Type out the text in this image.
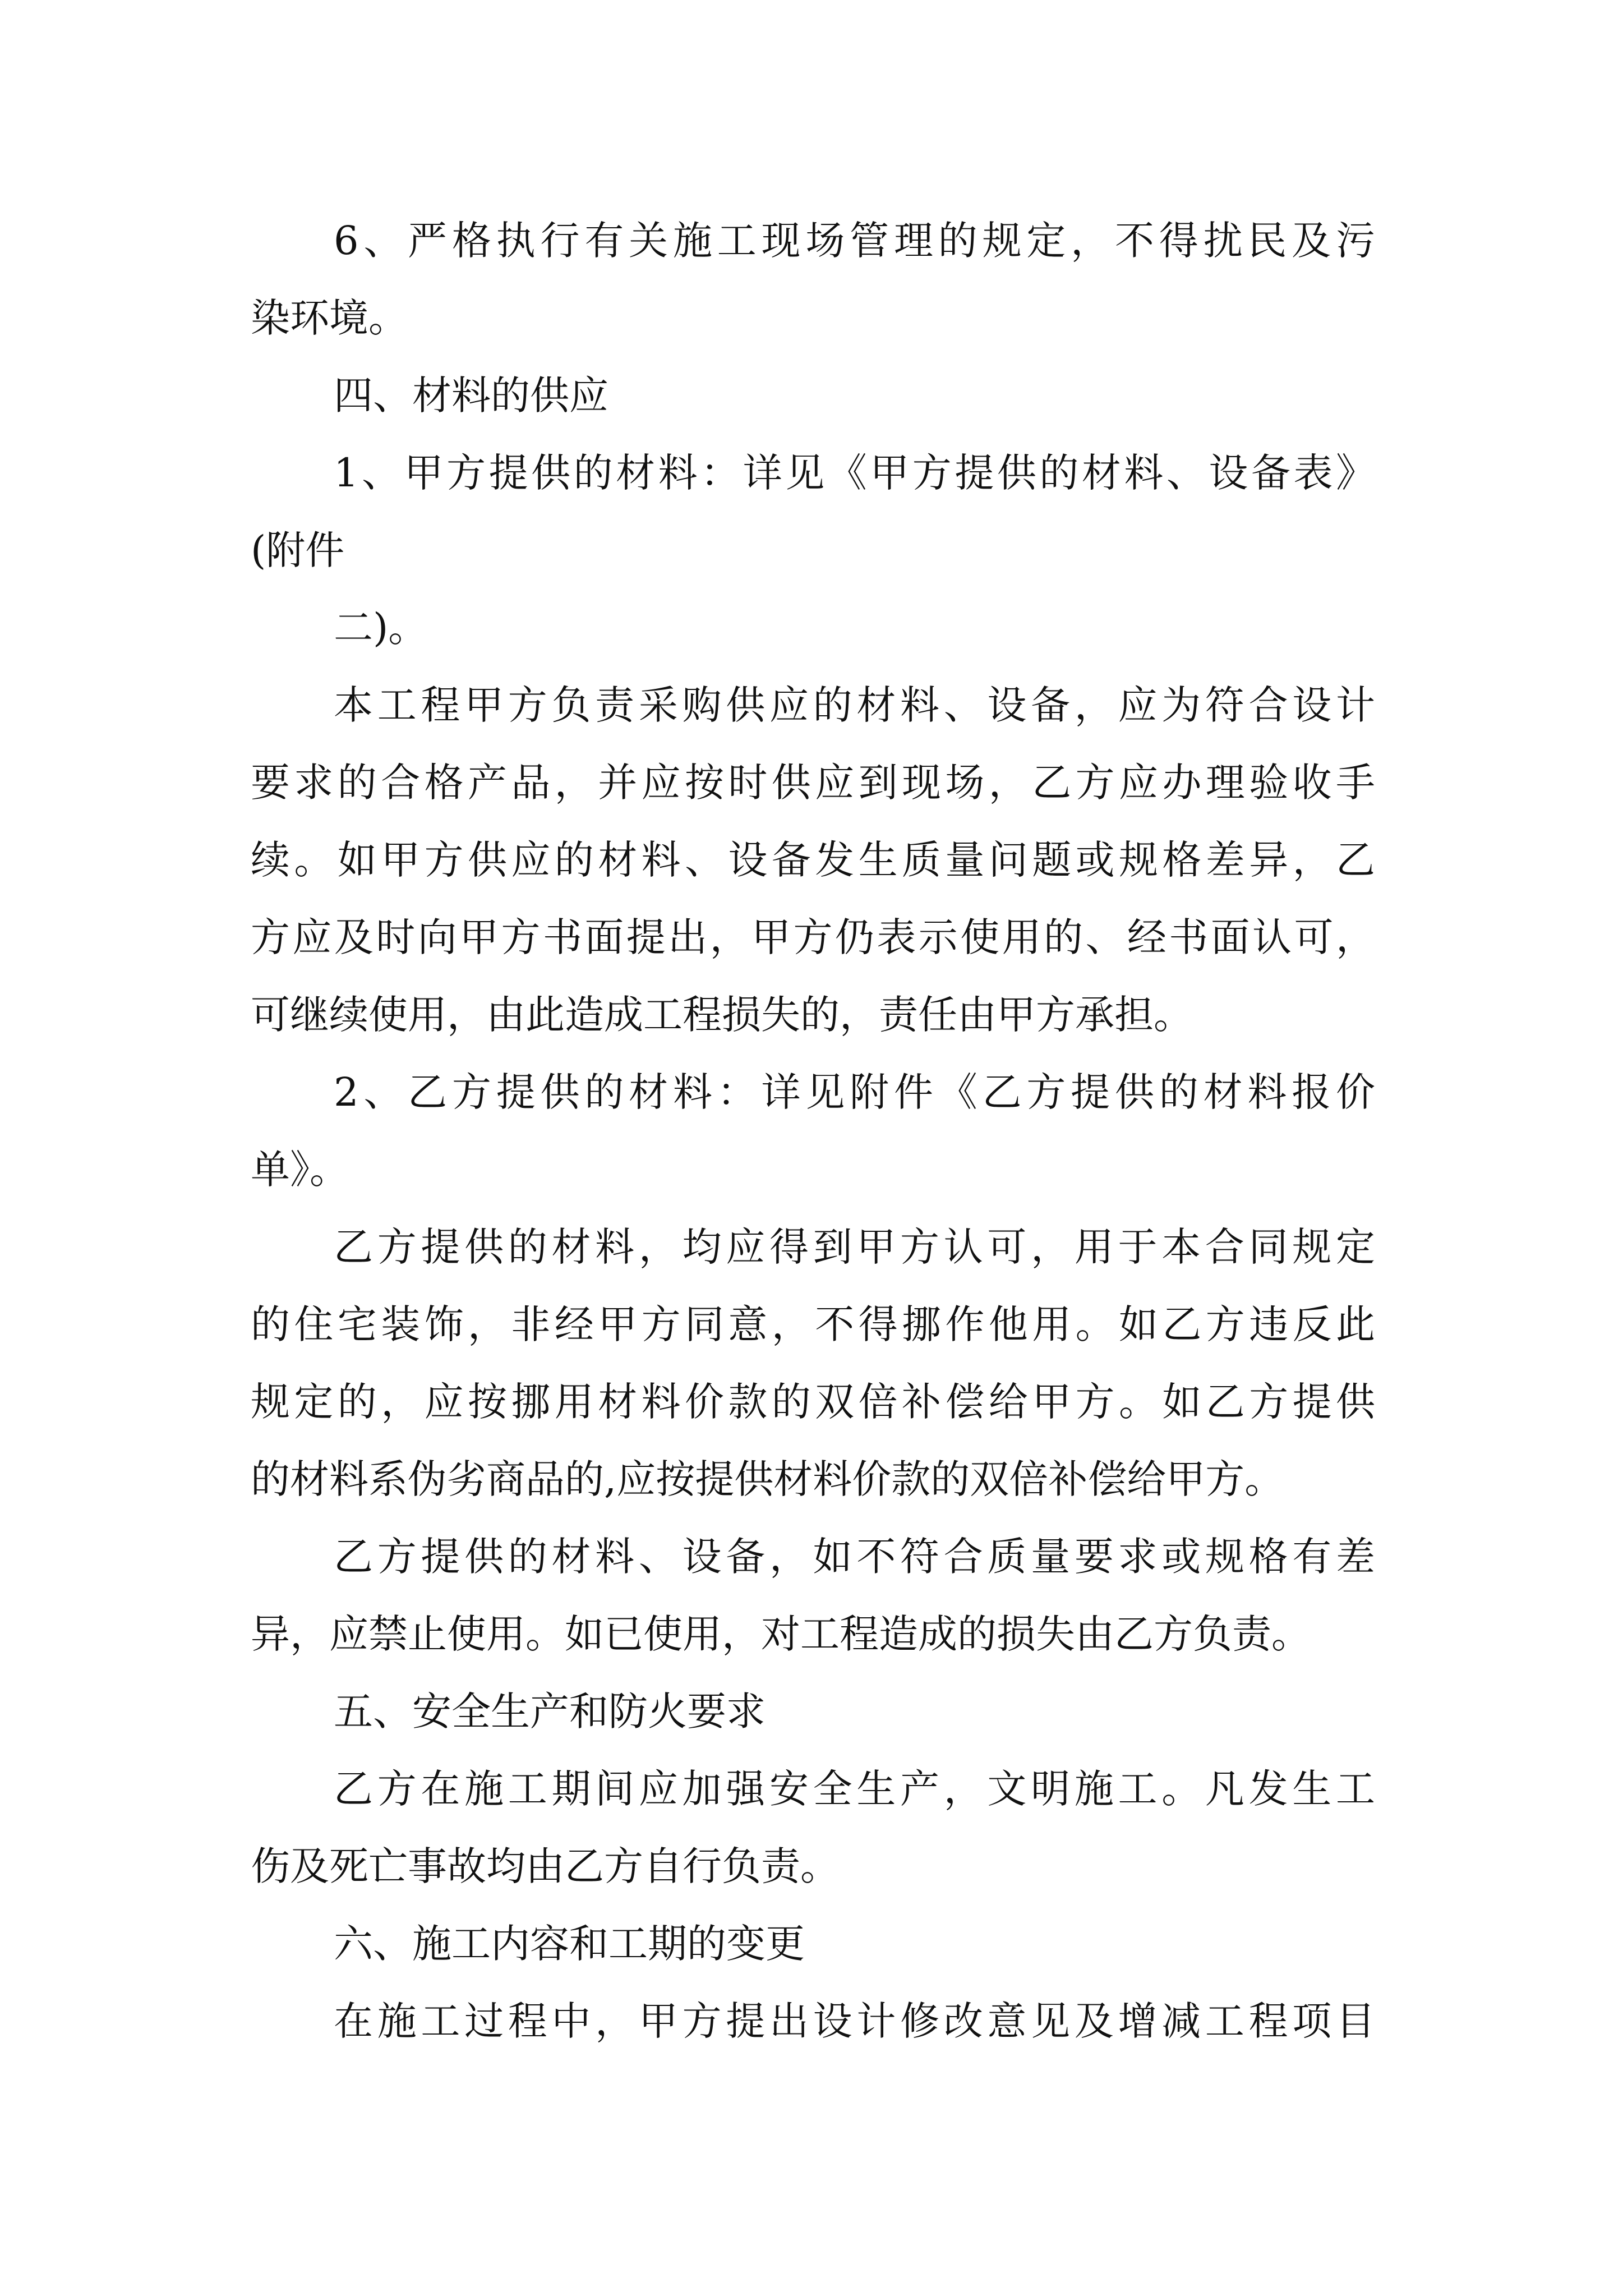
6、严格执行有关施工现场管理的规定，不得扰民及污
染环境。
四、材料的供应
1、甲方提供的材料：详见《甲方提供的材料、设备表》
(附件
二)。
本工程甲方负责采购供应的材料、设备，应为符合设计
要求的合格产品，并应按时供应到现场，乙方应办理验收手
续。如甲方供应的材料、设备发生质量问题或规格差异，乙
方应及时向甲方书面提出，甲方仍表示使用的、经书面认可，
可继续使用，由此造成工程损失的，责任由甲方承担。
2、乙方提供的材料：详见附件《乙方提供的材料报价
单》。
乙方提供的材料，均应得到甲方认可，用于本合同规定
的住宅装饰，非经甲方同意，不得挪作他用。如乙方违反此
规定的，应按挪用材料价款的双倍补偿给甲方。如乙方提供
的材料系伪劣商品的,应按提供材料价款的双倍补偿给甲方。
乙方提供的材料、设备，如不符合质量要求或规格有差
异，应禁止使用。如已使用，对工程造成的损失由乙方负责。
五、安全生产和防火要求
乙方在施工期间应加强安全生产，文明施工。凡发生工
伤及死亡事故均由乙方自行负责。
六、施工内容和工期的变更
在施工过程中，甲方提出设计修改意见及增减工程项目
